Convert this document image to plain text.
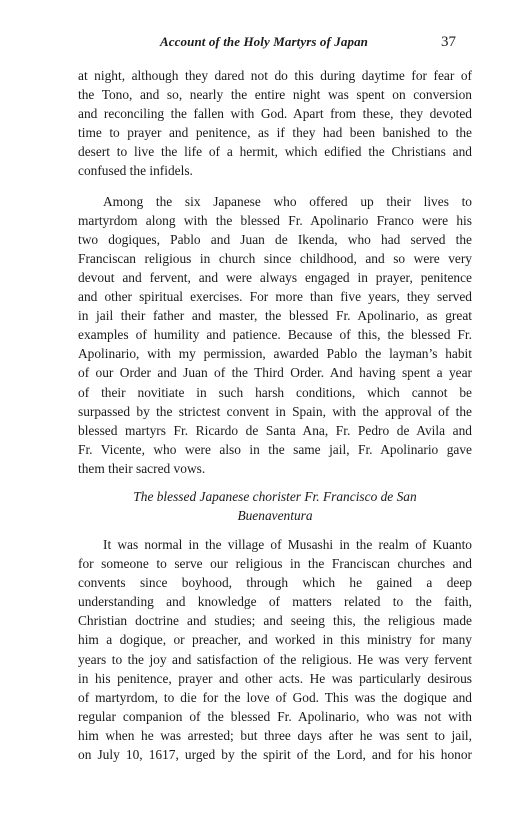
Account of the Holy Martyrs of Japan	37
at night, although they dared not do this during daytime for fear of
the Tono, and so, nearly the entire night was spent on conversion
and reconciling the fallen with God. Apart from these, they devoted
time to prayer and penitence, as if they had been banished to the
desert to live the life of a hermit, which edified the Christians and
confused the infidels.
Among the six Japanese who offered up their lives to
martyrdom along with the blessed Fr. Apolinario Franco were his
two dogiques, Pablo and Juan de Ikenda, who had served the
Franciscan religious in church since childhood, and so were very
devout and fervent, and were always engaged in prayer, penitence
and other spiritual exercises. For more than five years, they served
in jail their father and master, the blessed Fr. Apolinario, as great
examples of humility and patience. Because of this, the blessed Fr.
Apolinario, with my permission, awarded Pablo the layman’s habit
of our Order and Juan of the Third Order. And having spent a year
of their novitiate in such harsh conditions, which cannot be
surpassed by the strictest convent in Spain, with the approval of the
blessed martyrs Fr. Ricardo de Santa Ana, Fr. Pedro de Avila and
Fr. Vicente, who were also in the same jail, Fr. Apolinario gave
them their sacred vows.
The blessed Japanese chorister Fr. Francisco de San
Buenaventura
It was normal in the village of Musashi in the realm of Kuanto
for someone to serve our religious in the Franciscan churches and
convents since boyhood, through which he gained a deep
understanding and knowledge of matters related to the faith,
Christian doctrine and studies; and seeing this, the religious made
him a dogique, or preacher, and worked in this ministry for many
years to the joy and satisfaction of the religious. He was very fervent
in his penitence, prayer and other acts. He was particularly desirous
of martyrdom, to die for the love of God. This was the dogique and
regular companion of the blessed Fr. Apolinario, who was not with
him when he was arrested; but three days after he was sent to jail,
on July 10, 1617, urged by the spirit of the Lord, and for his honor
